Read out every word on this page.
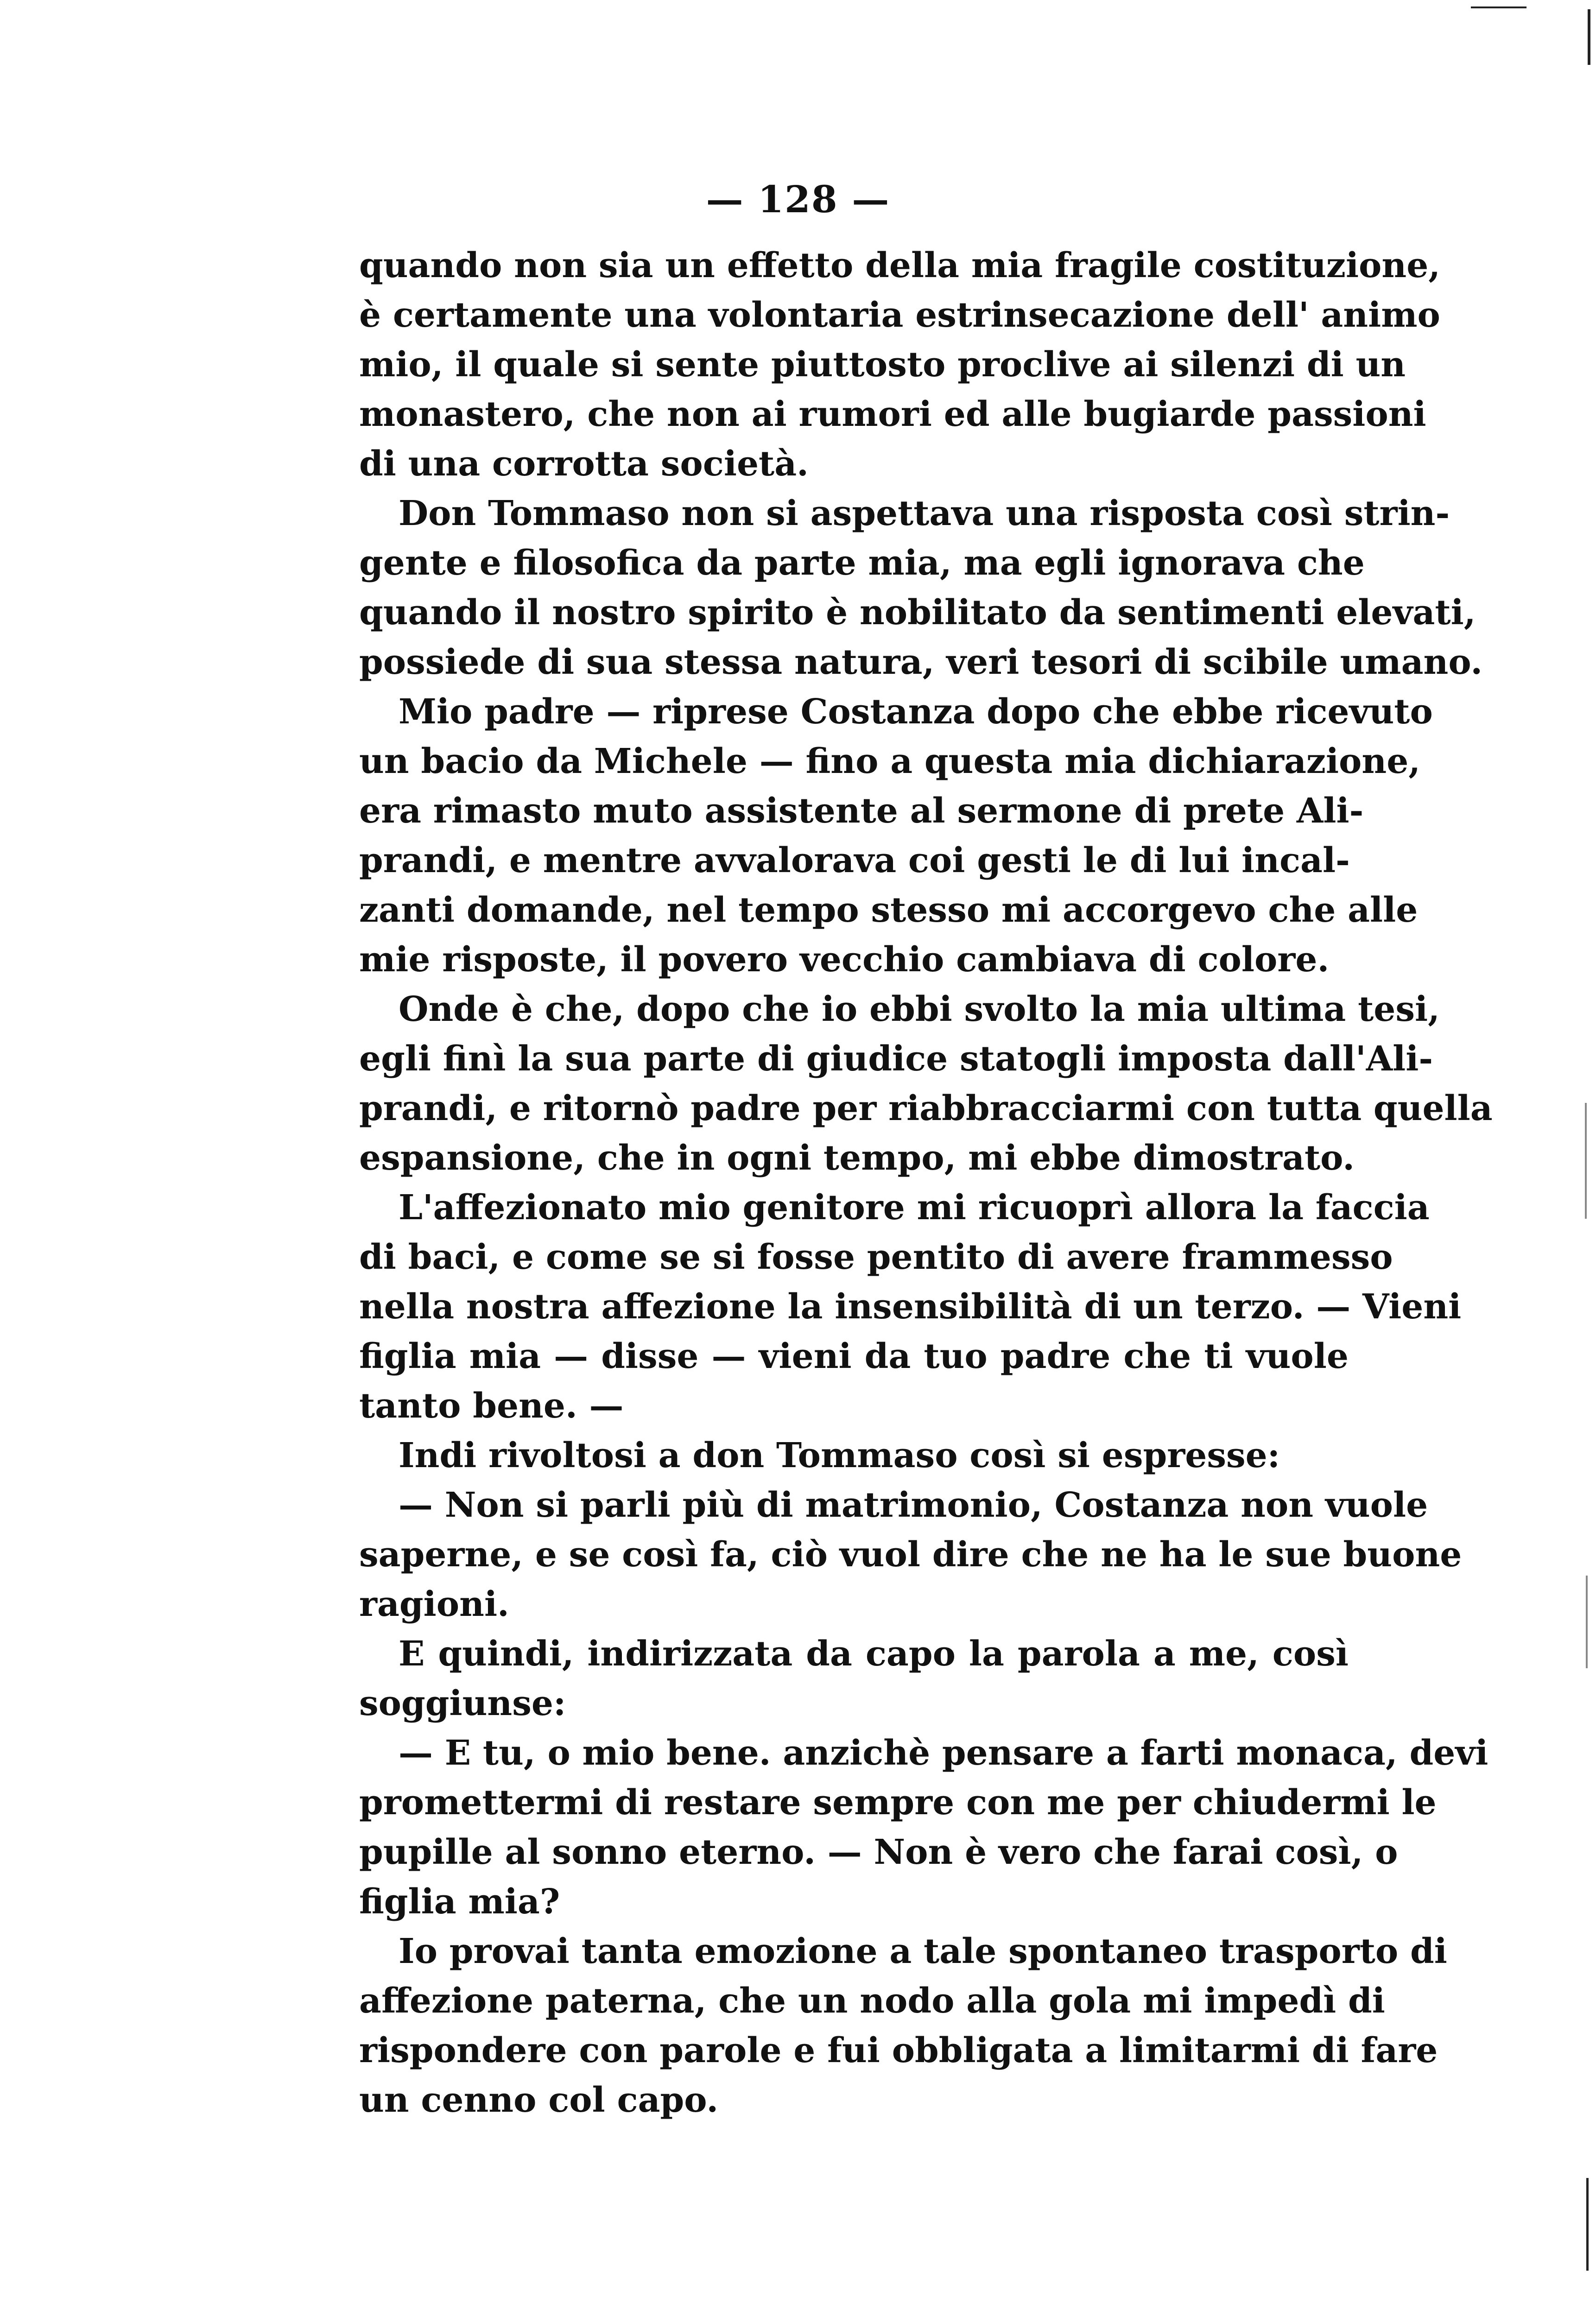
— 128 —

quando non sia un effetto della mia fragile costituzione,
è certamente una volontaria estrinsecazione dell' animo
mio, il quale si sente piuttosto proclive ai silenzi di un
monastero, che non ai rumori ed alle bugiarde passioni
di una corrotta società.

Don Tommaso non si aspettava una risposta così strin-
gente e filosofica da parte mia, ma egli ignorava che
quando il nostro spirito è nobilitato da sentimenti elevati,
possiede di sua stessa natura, veri tesori di scibile umano.

Mio padre — riprese Costanza dopo che ebbe ricevuto
un bacio da Michele — fino a questa mia dichiarazione,
era rimasto muto assistente al sermone di prete Ali-
prandi, e mentre avvalorava coi gesti le di lui incal-
zanti domande, nel tempo stesso mi accorgevo che alle
mie risposte, il povero vecchio cambiava di colore.

Onde è che, dopo che io ebbi svolto la mia ultima tesi,
egli finì la sua parte di giudice statogli imposta dall'Ali-
prandi, e ritornò padre per riabbracciarmi con tutta quella
espansione, che in ogni tempo, mi ebbe dimostrato.

L'affezionato mio genitore mi ricuoprì allora la faccia
di baci, e come se si fosse pentito di avere frammesso
nella nostra affezione la insensibilità di un terzo. — Vieni
figlia mia — disse — vieni da tuo padre che ti vuole
tanto bene. —

Indi rivoltosi a don Tommaso così si espresse:

— Non si parli più di matrimonio, Costanza non vuole
saperne, e se così fa, ciò vuol dire che ne ha le sue buone
ragioni.

E quindi, indirizzata da capo la parola a me, così
soggiunse:

— E tu, o mio bene. anzichè pensare a farti monaca, devi
promettermi di restare sempre con me per chiudermi le
pupille al sonno eterno. — Non è vero che farai così, o
figlia mia?

Io provai tanta emozione a tale spontaneo trasporto di
affezione paterna, che un nodo alla gola mi impedì di
rispondere con parole e fui obbligata a limitarmi di fare
un cenno col capo.
